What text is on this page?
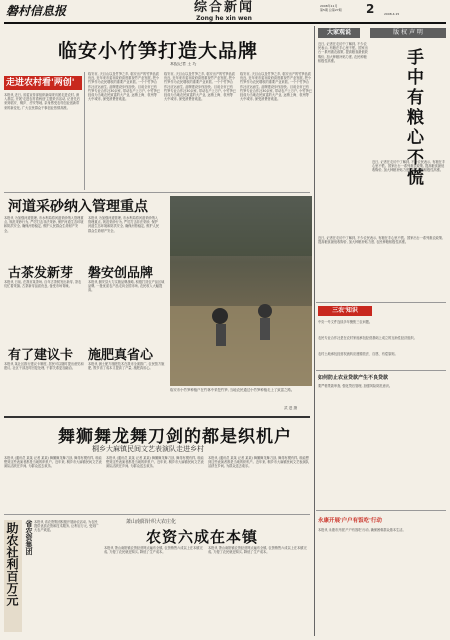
磐村信息报	综合新闻
Zong he xin wen
2008年11月
第5期 总第27期	2	2008.4.15
临安小竹笋打造大品牌
本报记者 王 巧
走进农村看'两创'
本报讯 近日, 省委宣传部组织新闻采访团走进农村, 深入基层, 开展'走进农村看两创'主题采访活动, 记者先后来到临安、桐庐、淳安等地, 亲身感受农村创业创新带来的新变化, 广大农民群众干事创业热情高涨。
临安市, 天目山以及竹笋之乡, 临安出产的竹笋品质优良, 近年来市委市政府高度重视竹产业发展, 把小竹笋作为农民增收的重要产业来抓, 一个个竹笋合作社应运而生, 品牌建设步伐加快。目前全市已有竹笋专业合作社30余家, 带动农户上万户, 小竹笋已经成为当地农民致富的大产业, 远销上海、杭州等大中城市, 深受消费者欢迎。
临安市, 天目山以及竹笋之乡, 临安出产的竹笋品质优良, 近年来市委市政府高度重视竹产业发展, 把小竹笋作为农民增收的重要产业来抓, 一个个竹笋合作社应运而生, 品牌建设步伐加快。目前全市已有竹笋专业合作社30余家, 带动农户上万户, 小竹笋已经成为当地农民致富的大产业, 远销上海、杭州等大中城市, 深受消费者欢迎。
临安市, 天目山以及竹笋之乡, 临安出产的竹笋品质优良, 近年来市委市政府高度重视竹产业发展, 把小竹笋作为农民增收的重要产业来抓, 一个个竹笋合作社应运而生, 品牌建设步伐加快。目前全市已有竹笋专业合作社30余家, 带动农户上万户, 小竹笋已经成为当地农民致富的大产业, 远销上海、杭州等大中城市, 深受消费者欢迎。
河道采砂纳入管理重点
本报讯 为加强河道管理, 市水利局将河道采砂纳入管理重点, 规范采砂行为, 严厉打击非法采砂, 保护河道生态环境和防洪安全, 确保河势稳定, 维护人民群众生命财产安全。
本报讯 为加强河道管理, 市水利局将河道采砂纳入管理重点, 规范采砂行为, 严厉打击非法采砂, 保护河道生态环境和防洪安全, 确保河势稳定, 维护人民群众生命财产安全。
古茶发新芽
本报讯 日前, 在我市某茶场, 百年古茶树发出新芽, 茶农们忙着采摘, 古茶新芽品质优良, 备受市场青睐。
磐安创品牌
本报讯 磐安县大力实施品牌战略, 积极打造农产品区域品牌, 一批优质农产品走向全国市场, 农民收入大幅提高。
有了建议卡
本报讯 某社区推行建议卡制度, 居民可以随时提出意见和建议, 社区干部及时回复处理, 干群关系更加融洽。
施肥真省心
本报讯 测土配方施肥技术在我市全面推广, 农民按方施肥, 既节省了成本又提高了产量, 施肥真省心。
临安市小竹笋种植户在竹林中采挖竹笋, 当地农民通过小竹笋种植走上了致富之路。
武 进 摄
舞狮舞龙舞刀剑的都是织机户
桐乡大麻镇民间文艺表演队走进乡村
本报讯 (通讯员 某某 记者 某某) 舞狮舞龙舞刀剑, 舞得有模有样, 谁能想到这些表演者都是当地的织机户。近年来, 桐乡市大麻镇民间文艺表演队活跃在乡间, 为群众送去欢乐。
本报讯 (通讯员 某某 记者 某某) 舞狮舞龙舞刀剑, 舞得有模有样, 谁能想到这些表演者都是当地的织机户。近年来, 桐乡市大麻镇民间文艺表演队活跃在乡间, 为群众送去欢乐。
本报讯 (通讯员 某某 记者 某某) 舞狮舞龙舞刀剑, 舞得有模有样, 谁能想到这些表演者都是当地的织机户。近年来, 桐乡市大麻镇民间文艺表演队活跃在乡间, 为群众送去欢乐。
助农社利百万元 省农资集团 本报讯 省农资集团积极开展助农活动, 为农民提供优质农资和技术服务, 让利百万元, 受到广大农户欢迎。
萧山南阳针织大农庄化
农资六成在本镇
本报讯 萧山南阳镇农资经营网点遍布全镇, 农资销售六成以上在本镇完成, 方便了农民就近购买, 降低了生产成本。
本报讯 萧山南阳镇农资经营网点遍布全镇, 农资销售六成以上在本镇完成, 方便了农民就近购买, 降低了生产成本。
大家观说	版 权 声 明
近日, 记者在走访中了解到, 不少农民表示, 有粮在手心里不慌。国家出台一系列惠农政策, 提高粮食最低收购价, 加大种粮补贴力度, 农民种粮积极性高涨。	手中有粮心不慌
近日, 记者在走访中了解到, 不少农民表示, 有粮在手心里不慌。国家出台一系列惠农政策, 提高粮食最低收购价, 加大种粮补贴力度, 农民种粮积极性高涨。
近日, 记者在走访中了解到, 不少农民表示, 有粮在手心里不慌。国家出台一系列惠农政策, 提高粮食最低收购价, 加大种粮补贴力度, 农民种粮积极性高涨。
三农'知识
中央一号文件连续多年聚焦三农问题。
农民专业合作社是在农村家庭承包经营基础上成立的互助性经济组织。
农村土地承包经营权流转应遵循依法、自愿、有偿原则。
如何防止农业贷款产生不良贷款
要严格贷款审查, 强化贷后管理, 加强风险防范意识。
永康开展'户户有饭吃'行动
本报讯 永康市开展'户户有饭吃'行动, 确保困难群众基本生活。
